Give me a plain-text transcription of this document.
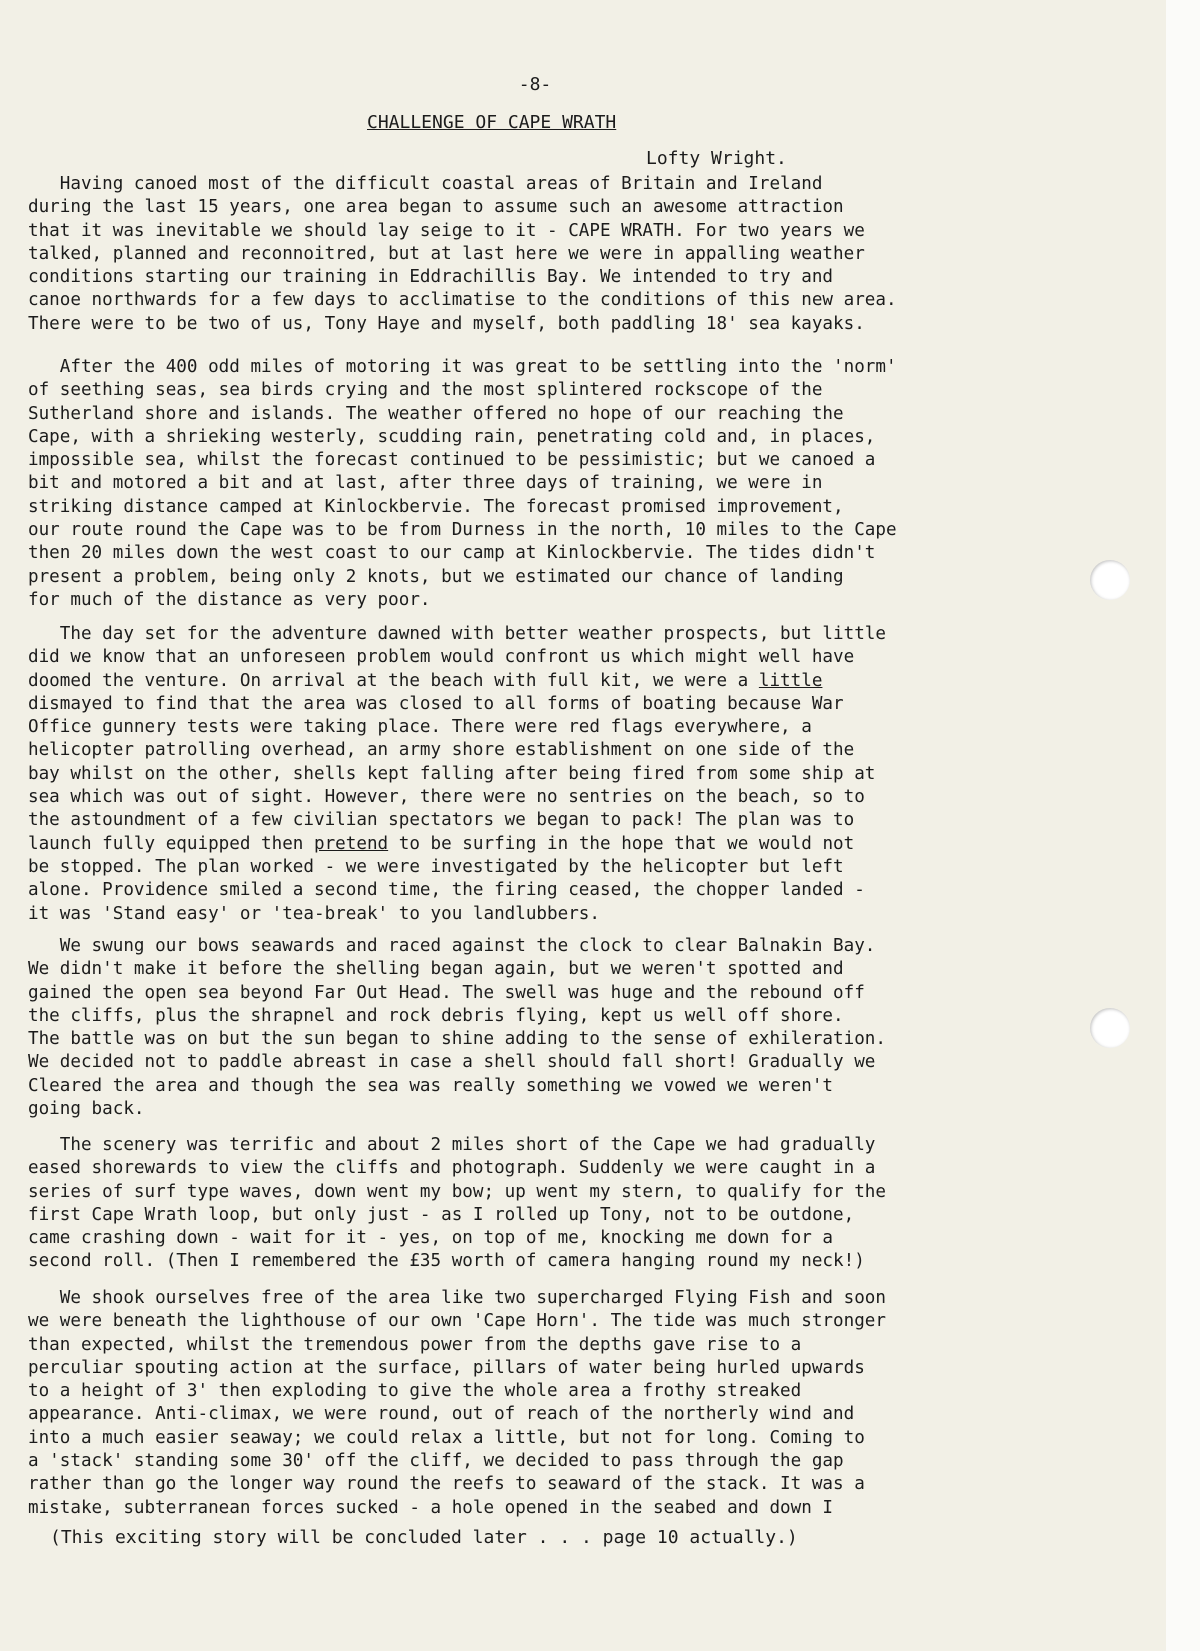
-8-
CHALLENGE OF CAPE WRATH
Lofty Wright.
Having canoed most of the difficult coastal areas of Britain and Ireland
during the last 15 years, one area began to assume such an awesome attraction
that it was inevitable we should lay seige to it - CAPE WRATH. For two years we
talked, planned and reconnoitred, but at last here we were in appalling weather
conditions starting our training in Eddrachillis Bay. We intended to try and
canoe northwards for a few days to acclimatise to the conditions of this new area.
There were to be two of us, Tony Haye and myself, both paddling 18' sea kayaks.
After the 400 odd miles of motoring it was great to be settling into the 'norm'
of seething seas, sea birds crying and the most splintered rockscope of the
Sutherland shore and islands. The weather offered no hope of our reaching the
Cape, with a shrieking westerly, scudding rain, penetrating cold and, in places,
impossible sea, whilst the forecast continued to be pessimistic; but we canoed a
bit and motored a bit and at last, after three days of training, we were in
striking distance camped at Kinlockbervie. The forecast promised improvement,
our route round the Cape was to be from Durness in the north, 10 miles to the Cape
then 20 miles down the west coast to our camp at Kinlockbervie. The tides didn't
present a problem, being only 2 knots, but we estimated our chance of landing
for much of the distance as very poor.
The day set for the adventure dawned with better weather prospects, but little
did we know that an unforeseen problem would confront us which might well have
doomed the venture. On arrival at the beach with full kit, we were a little
dismayed to find that the area was closed to all forms of boating because War
Office gunnery tests were taking place. There were red flags everywhere, a
helicopter patrolling overhead, an army shore establishment on one side of the
bay whilst on the other, shells kept falling after being fired from some ship at
sea which was out of sight. However, there were no sentries on the beach, so to
the astoundment of a few civilian spectators we began to pack! The plan was to
launch fully equipped then pretend to be surfing in the hope that we would not
be stopped. The plan worked - we were investigated by the helicopter but left
alone. Providence smiled a second time, the firing ceased, the chopper landed -
it was 'Stand easy' or 'tea-break' to you landlubbers.
We swung our bows seawards and raced against the clock to clear Balnakin Bay.
We didn't make it before the shelling began again, but we weren't spotted and
gained the open sea beyond Far Out Head. The swell was huge and the rebound off
the cliffs, plus the shrapnel and rock debris flying, kept us well off shore.
The battle was on but the sun began to shine adding to the sense of exhileration.
We decided not to paddle abreast in case a shell should fall short! Gradually we
Cleared the area and though the sea was really something we vowed we weren't
going back.
The scenery was terrific and about 2 miles short of the Cape we had gradually
eased shorewards to view the cliffs and photograph. Suddenly we were caught in a
series of surf type waves, down went my bow; up went my stern, to qualify for the
first Cape Wrath loop, but only just - as I rolled up Tony, not to be outdone,
came crashing down - wait for it - yes, on top of me, knocking me down for a
second roll. (Then I remembered the £35 worth of camera hanging round my neck!)
We shook ourselves free of the area like two supercharged Flying Fish and soon
we were beneath the lighthouse of our own 'Cape Horn'. The tide was much stronger
than expected, whilst the tremendous power from the depths gave rise to a
perculiar spouting action at the surface, pillars of water being hurled upwards
to a height of 3' then exploding to give the whole area a frothy streaked
appearance. Anti-climax, we were round, out of reach of the northerly wind and
into a much easier seaway; we could relax a little, but not for long. Coming to
a 'stack' standing some 30' off the cliff, we decided to pass through the gap
rather than go the longer way round the reefs to seaward of the stack. It was a
mistake, subterranean forces sucked - a hole opened in the seabed and down I
(This exciting story will be concluded later . . . page 10 actually.)
